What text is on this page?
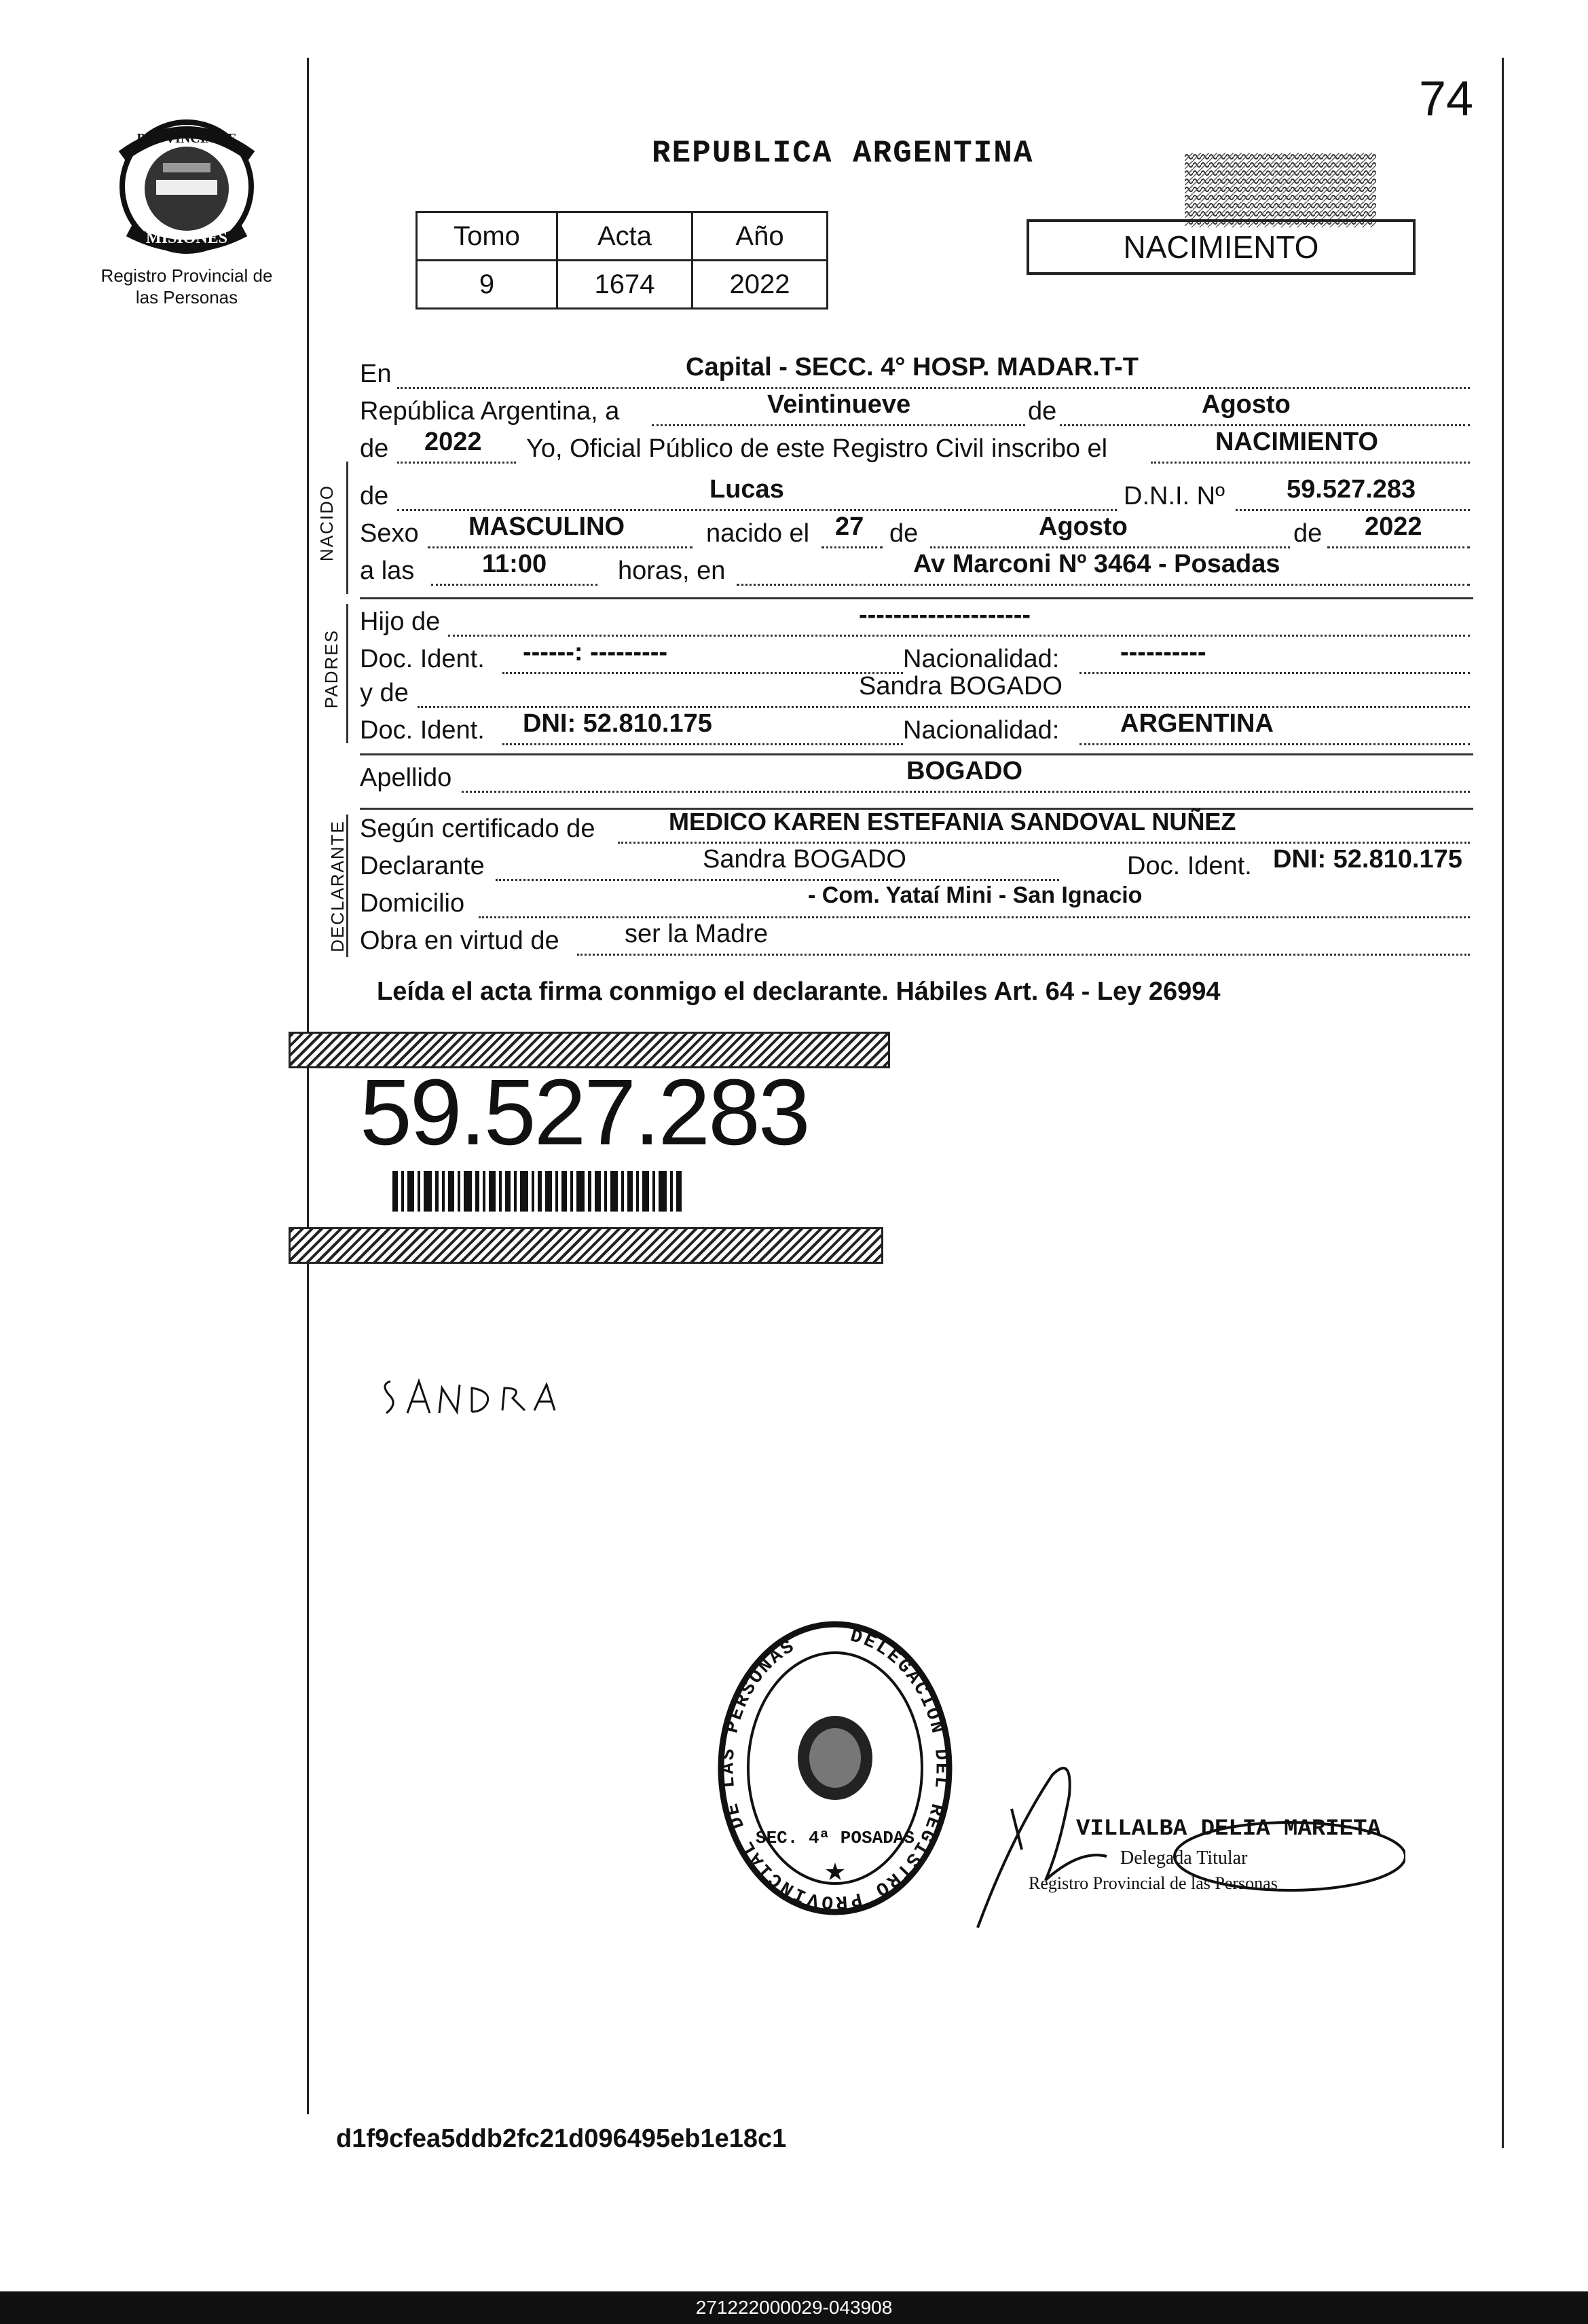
74
PROVINCIA DE
MISIONES
Registro Provincial de las Personas
REPUBLICA ARGENTINA
Tomo	Acta	Año
9	1674	2022
NACIMIENTO
En	Capital - SECC. 4° HOSP. MADAR.T-T
República Argentina, a	Veintinueve	de	Agosto
de 2022 Yo, Oficial Público de este Registro Civil inscribo el	NACIMIENTO
NACIDO de	Lucas	D.N.I. Nº 59.527.283
Sexo MASCULINO	nacido el 27 de	Agosto	de 2022
a las	11:00	horas, en	Av Marconi Nº 3464 - Posadas
PADRES
Hijo de	--------------------
Doc. Ident. ------: ---------	Nacionalidad: ----------
y de	Sandra BOGADO
Doc. Ident. DNI: 52.810.175	Nacionalidad: ARGENTINA
Apellido	BOGADO
DECLARANTE Según certificado de	MEDICO KAREN ESTEFANIA SANDOVAL NUÑEZ
Declarante	Sandra BOGADO	Doc. Ident. DNI: 52.810.175
Domicilio	- Com. Yataí Mini - San Ignacio
Obra en virtud de	ser la Madre
Leída el acta firma conmigo el declarante. Hábiles Art. 64 - Ley 26994
59.527.283
DELEGACION DEL REGISTRO PROVINCIAL DE LAS PERSONAS
SEC. 4ª POSADAS
★
VILLALBA DELIA MARIETA
Delegada Titular
Registro Provincial de las Personas
d1f9cfea5ddb2fc21d096495eb1e18c1
271222000029-043908
